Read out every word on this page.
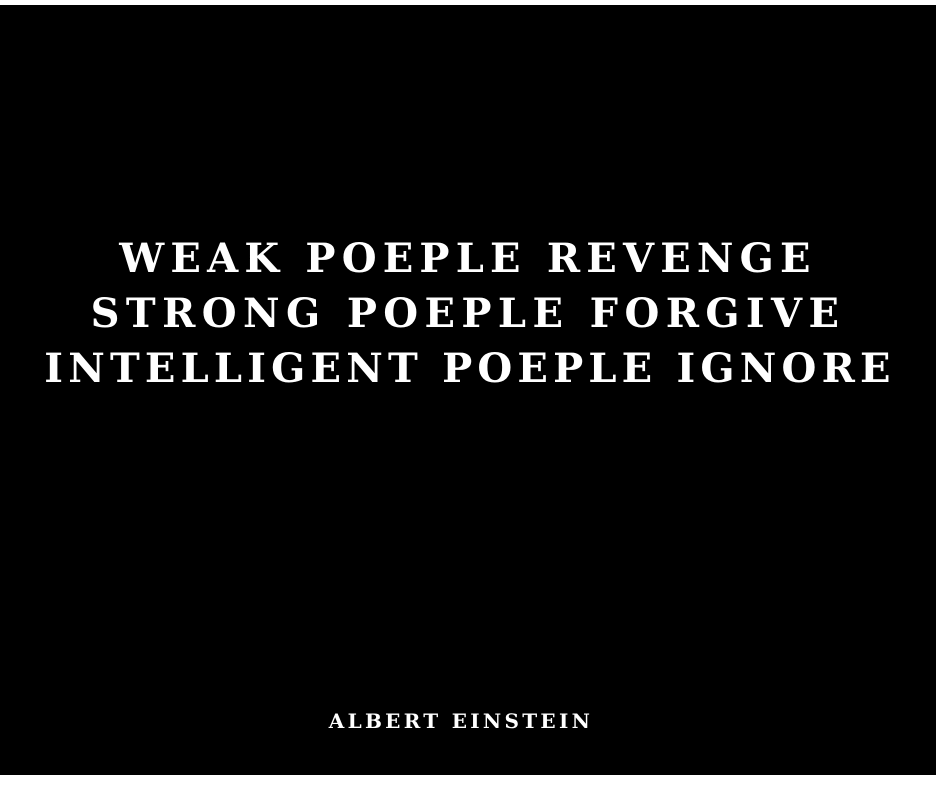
WEAK POEPLE REVENGE
STRONG POEPLE FORGIVE
INTELLIGENT POEPLE IGNORE
ALBERT EINSTEIN
